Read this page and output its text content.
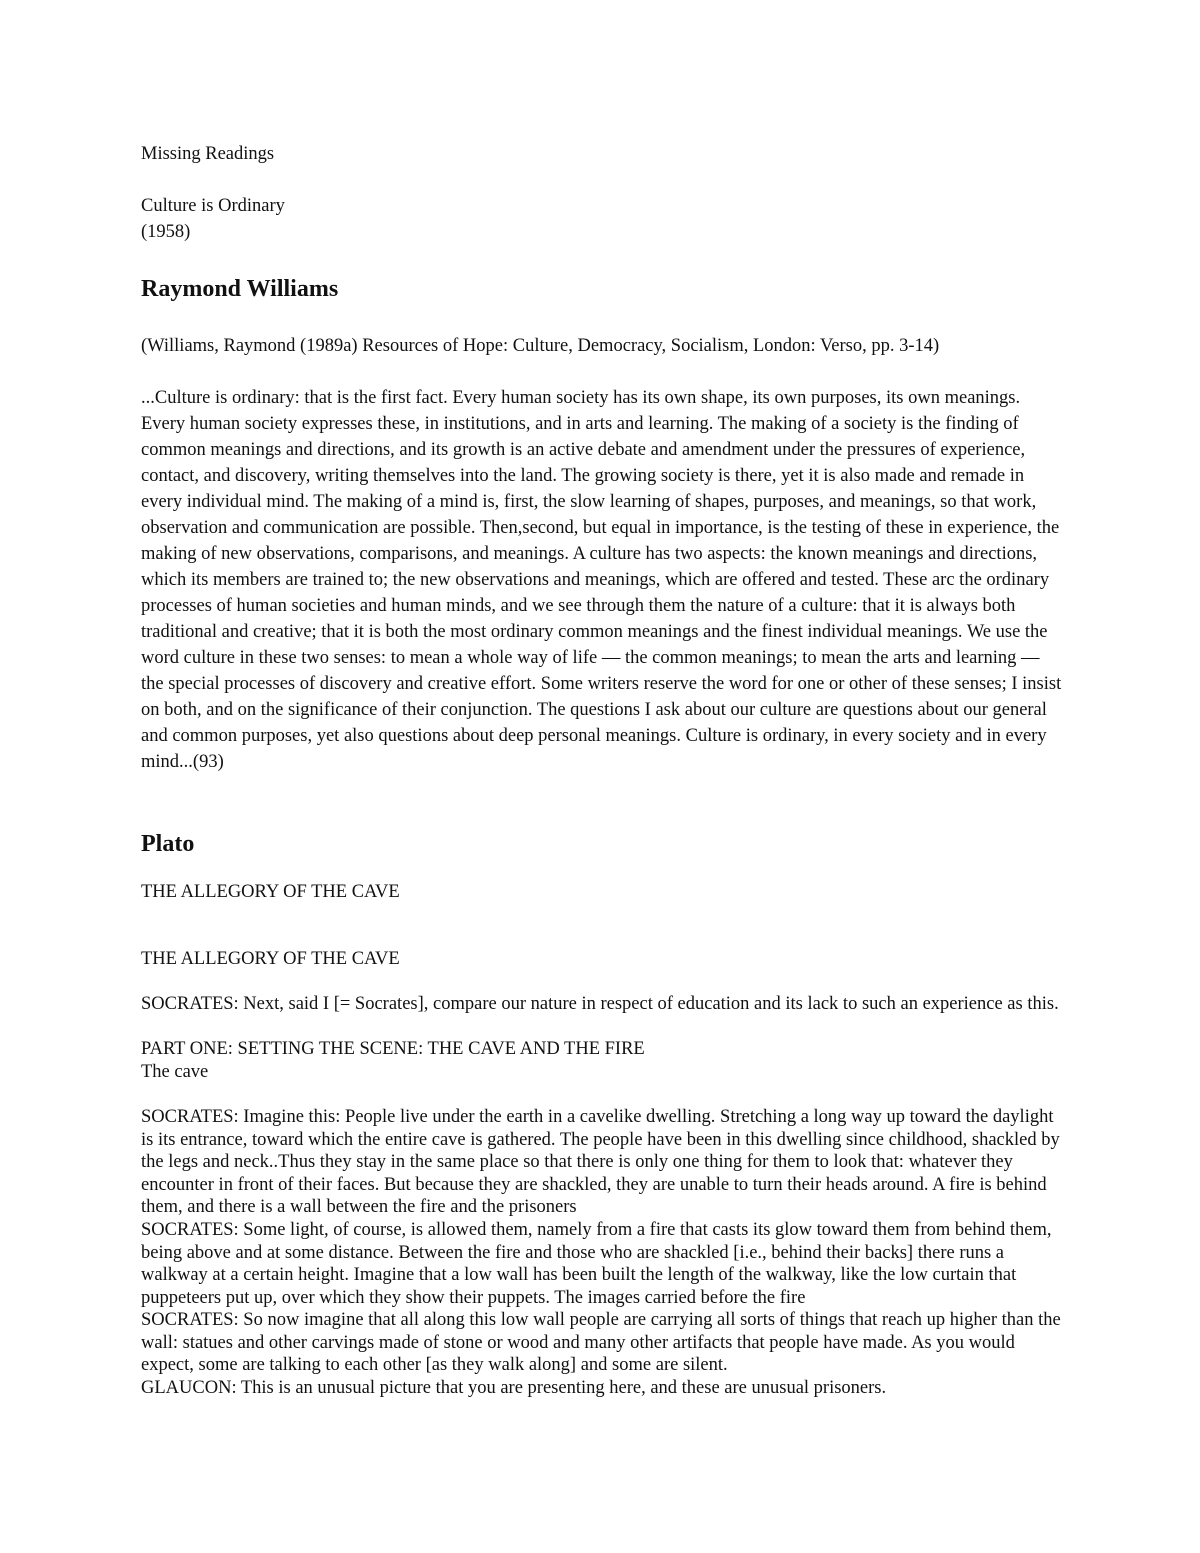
Missing Readings

Culture is Ordinary

(1958)

Raymond Williams

(Williams, Raymond (1989a) Resources of Hope: Culture, Democracy, Socialism, London: Verso, pp. 3-14)

...Culture is ordinary: that is the first fact. Every human society has its own shape, its own purposes, its own meanings. Every human society expresses these, in institutions, and in arts and learning. The making of a society is the finding of common meanings and directions, and its growth is an active debate and amendment under the pressures of experience, contact, and discovery, writing themselves into the land. The growing society is there, yet it is also made and remade in every individual mind. The making of a mind is, first, the slow learning of shapes, purposes, and meanings, so that work, observation and communication are possible. Then,second, but equal in importance, is the testing of these in experience, the making of new observations, comparisons, and meanings. A culture has two aspects: the known meanings and directions, which its members are trained to; the new observations and meanings, which are offered and tested. These arc the ordinary processes of human societies and human minds, and we see through them the nature of a culture: that it is always both traditional and creative; that it is both the most ordinary common meanings and the finest individual meanings. We use the word culture in these two senses: to mean a whole way of life — the common meanings; to mean the arts and learning — the special processes of discovery and creative effort. Some writers reserve the word for one or other of these senses; I insist on both, and on the significance of their conjunction. The questions I ask about our culture are questions about our general and common purposes, yet also questions about deep personal meanings. Culture is ordinary, in every society and in every mind...(93)

Plato

THE ALLEGORY OF THE CAVE

THE ALLEGORY OF THE CAVE

SOCRATES: Next, said I [= Socrates], compare our nature in respect of education and its lack to such an experience as this.

PART ONE: SETTING THE SCENE: THE CAVE AND THE FIRE

The cave

SOCRATES: Imagine this: People live under the earth in a cavelike dwelling. Stretching a long way up toward the daylight is its entrance, toward which the entire cave is gathered. The people have been in this dwelling since childhood, shackled by the legs and neck..Thus they stay in the same place so that there is only one thing for them to look that: whatever they encounter in front of their faces. But because they are shackled, they are unable to turn their heads around. A fire is behind them, and there is a wall between the fire and the prisoners

SOCRATES: Some light, of course, is allowed them, namely from a fire that casts its glow toward them from behind them, being above and at some distance. Between the fire and those who are shackled [i.e., behind their backs] there runs a walkway at a certain height. Imagine that a low wall has been built the length of the walkway, like the low curtain that puppeteers put up, over which they show their puppets. The images carried before the fire

SOCRATES: So now imagine that all along this low wall people are carrying all sorts of things that reach up higher than the wall: statues and other carvings made of stone or wood and many other artifacts that people have made. As you would expect, some are talking to each other [as they walk along] and some are silent.

GLAUCON: This is an unusual picture that you are presenting here, and these are unusual prisoners.
